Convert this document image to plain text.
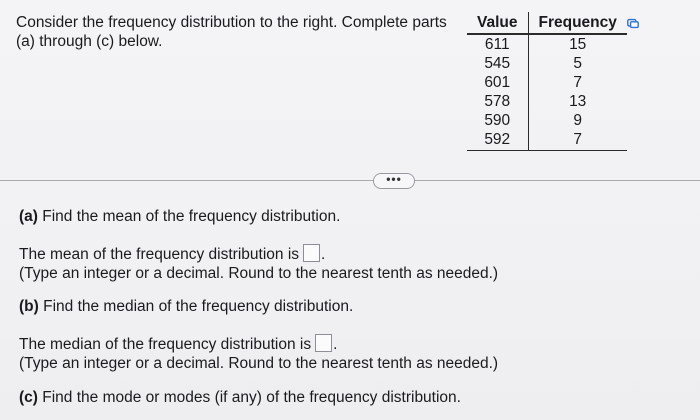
Consider the frequency distribution to the right. Complete parts (a) through (c) below.
Value	Frequency
611	15
545	5
601	7
578	13
590	9
592	7
•••
(a) Find the mean of the frequency distribution.
The mean of the frequency distribution is .
(Type an integer or a decimal. Round to the nearest tenth as needed.)
(b) Find the median of the frequency distribution.
The median of the frequency distribution is .
(Type an integer or a decimal. Round to the nearest tenth as needed.)
(c) Find the mode or modes (if any) of the frequency distribution.
